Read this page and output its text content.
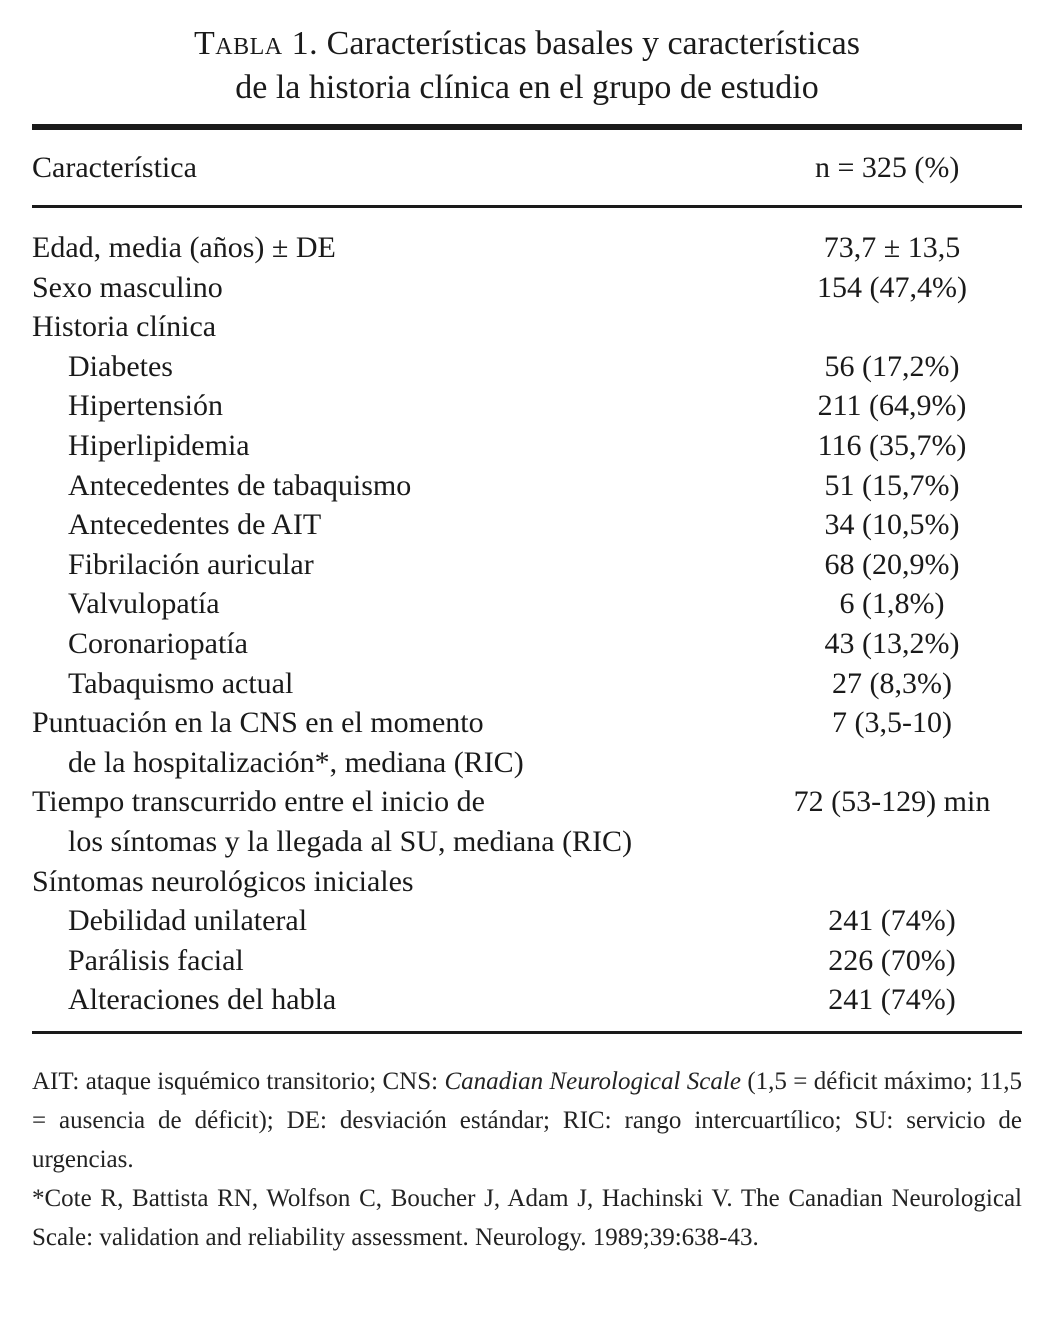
Tabla 1. Características basales y características
de la historia clínica en el grupo de estudio
Característica	n = 325 (%)
Edad, media (años) ± DE	73,7 ± 13,5
Sexo masculino	154 (47,4%)
Historia clínica
Diabetes	56 (17,2%)
Hipertensión	211 (64,9%)
Hiperlipidemia	116 (35,7%)
Antecedentes de tabaquismo	51 (15,7%)
Antecedentes de AIT	34 (10,5%)
Fibrilación auricular	68 (20,9%)
Valvulopatía	6 (1,8%)
Coronariopatía	43 (13,2%)
Tabaquismo actual	27 (8,3%)
Puntuación en la CNS en el momento	7 (3,5-10)
de la hospitalización*, mediana (RIC)
Tiempo transcurrido entre el inicio de	72 (53-129) min
los síntomas y la llegada al SU, mediana (RIC)
Síntomas neurológicos iniciales
Debilidad unilateral	241 (74%)
Parálisis facial	226 (70%)
Alteraciones del habla	241 (74%)

AIT: ataque isquémico transitorio; CNS: Canadian Neurological Scale (1,5 = déficit máximo; 11,5 = ausencia de déficit); DE: desviación estándar; RIC: rango intercuartílico; SU: servicio de urgencias.

*Cote R, Battista RN, Wolfson C, Boucher J, Adam J, Hachinski V. The Canadian Neurological Scale: validation and reliability assessment. Neurology. 1989;39:638-43.
